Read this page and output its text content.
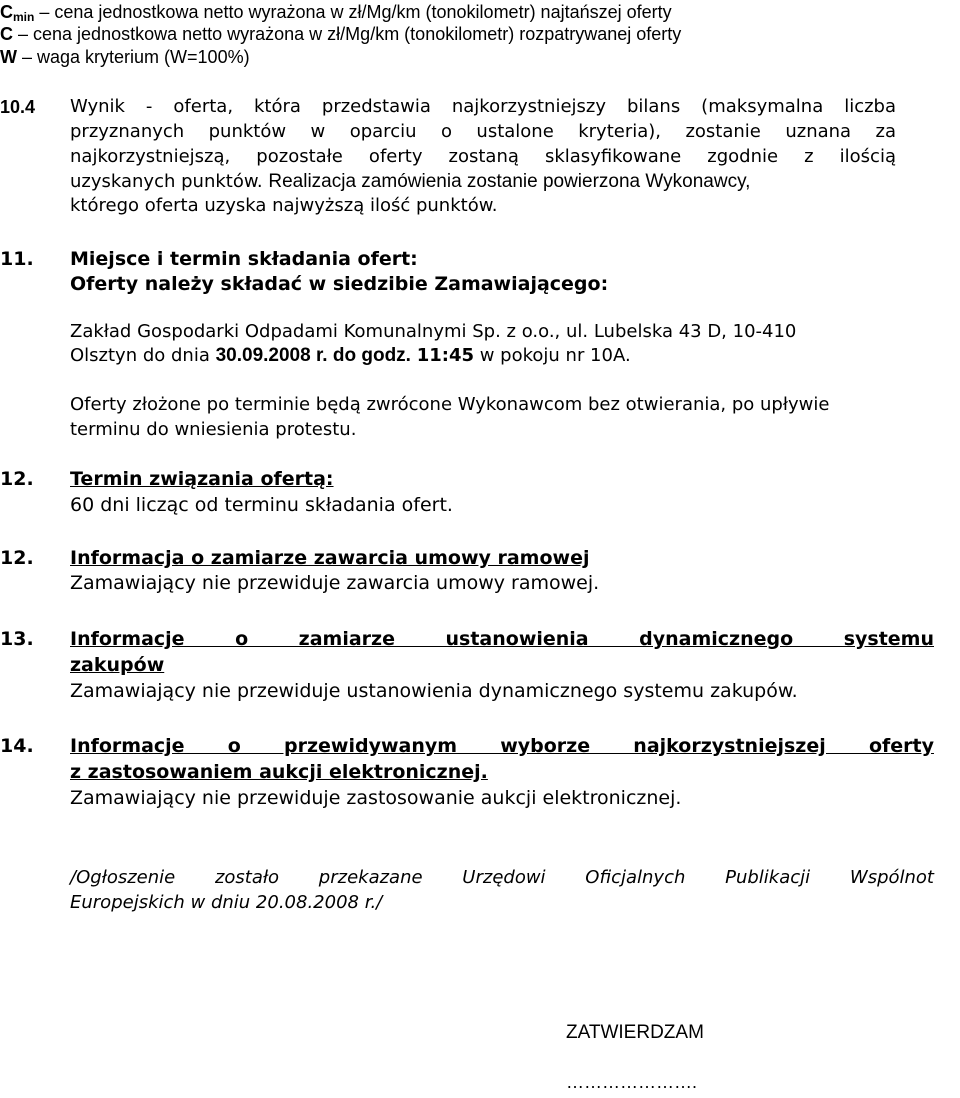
$C_{min}$ – cena jednostkowa netto wyrażona w zł/Mg/km (tonokilometr) najtańszej oferty
C – cena jednostkowa netto wyrażona w zł/Mg/km (tonokilometr) rozpatrywanej oferty
W – waga kryterium (W=100%)
10.4	Wynik - oferta, która przedstawia najkorzystniejszy bilans (maksymalna liczba
przyznanych punktów w oparciu o ustalone kryteria), zostanie uznana za
najkorzystniejszą, pozostałe oferty zostaną sklasyfikowane zgodnie z ilością
uzyskanych punktów. Realizacja zamówienia zostanie powierzona Wykonawcy,
którego oferta uzyska najwyższą ilość punktów.
11.	Miejsce i termin składania ofert:
Oferty należy składać w siedzibie Zamawiającego:
Zakład Gospodarki Odpadami Komunalnymi Sp. z o.o., ul. Lubelska 43 D, 10-410
Olsztyn do dnia 30.09.2008 r. do godz. 11:45 w pokoju nr 10A.
Oferty złożone po terminie będą zwrócone Wykonawcom bez otwierania, po upływie
terminu do wniesienia protestu.
12.	Termin związania ofertą:
60 dni licząc od terminu składania ofert.
12.	Informacja o zamiarze zawarcia umowy ramowej
Zamawiający nie przewiduje zawarcia umowy ramowej.
13.	Informacje o zamiarze ustanowienia dynamicznego systemu
zakupów
Zamawiający nie przewiduje ustanowienia dynamicznego systemu zakupów.
14.	Informacje o przewidywanym wyborze najkorzystniejszej oferty
z zastosowaniem aukcji elektronicznej.
Zamawiający nie przewiduje zastosowanie aukcji elektronicznej.
/Ogłoszenie zostało przekazane Urzędowi Oficjalnych Publikacji Wspólnot
Europejskich w dniu 20.08.2008 r./
ZATWIERDZAM
………………….
